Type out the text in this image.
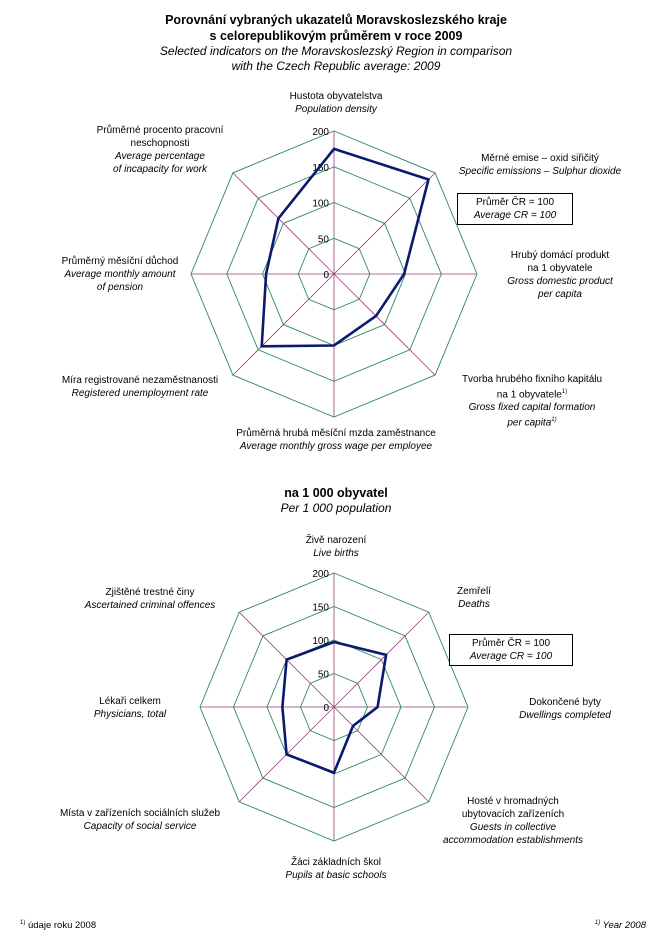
Porovnání vybraných ukazatelů Moravskoslezského kraje
s celorepublikovým průměrem v roce 2009
Selected indicators on the Moravskoslezský Region in comparison
with the Czech Republic average: 2009
0
50
100
150
200
Hustota obyvatelstva
Population density
Měrné emise – oxid siřičitý
Specific emissions – Sulphur dioxide
Hrubý domácí produkt
na 1 obyvatele
Gross domestic product
per capita
Tvorba hrubého fixního kapitálu
na 1 obyvatele$^{1)}$
Gross fixed capital formation
per capita$^{1)}$
Průměrná hrubá měsíční mzda zaměstnance
Average monthly gross wage per employee
Míra registrované nezaměstnanosti
Registered unemployment rate
Průměrný měsíční důchod
Average monthly amount
of pension
Průměrné procento pracovní
neschopnosti
Average percentage
of incapacity for work
Průměr ČR = 100
Average CR = 100
na 1 000 obyvatel
Per 1 000 population
0
50
100
150
200
Živě narození
Live births
Zemřelí
Deaths
Dokončené byty
Dwellings completed
Hosté v hromadných
ubytovacích zařízeních
Guests in collective
accommodation establishments
Žáci základních škol
Pupils at basic schools
Místa v zařízeních sociálních služeb
Capacity of social service
Lékaři celkem
Physicians, total
Zjištěné trestné činy
Ascertained criminal offences
Průměr ČR = 100
Average CR = 100
$^{1)}$ údaje roku 2008	$^{1)}$ Year 2008
